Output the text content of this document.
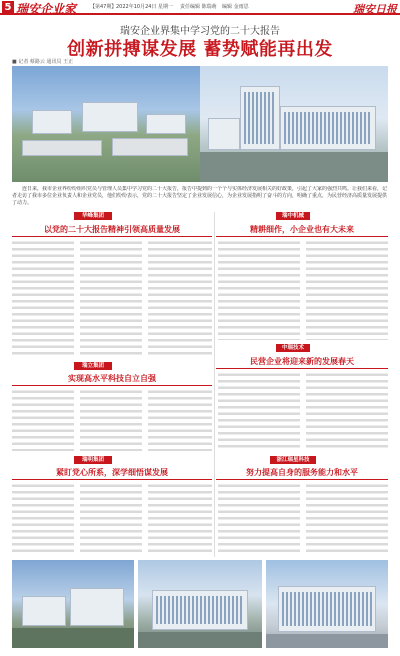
5 瑞安企业家	【第47期】 2022年10月24日 星期一 责任编辑 陈瑞萌 编辑 金雨思	瑞安日报
瑞安企业界集中学习党的二十大报告
创新拼搏谋发展 蓄势赋能再出发
■ 记者 蔡路云 通讯员 王正
连日来，我市企业界纷纷组织党员与管理人员集中学习党的二十大报告，报告中提到的一个个与实体经济发展相关的好政策，引起了大家的强烈共鸣。让我们来看，记者走访了我市多位企业负责人和企业党员，他们纷纷表示，党的二十大报告坚定了企业发展信心，为企业发展指明了奋斗的方向，明确了重点，为民营经济高质量发展提供了动力。
华峰集团
以党的二十大报告精神引领高质量发展
瑞中机械
精耕细作，小企业也有大未来
瑞立集团
实现高水平科技自立自强
中瑞技术
民营企业将迎来新的发展春天
瑞明集团
紧盯党心所系，深学细悟谋发展
浙江瑞星科技
努力提高自身的服务能力和水平
